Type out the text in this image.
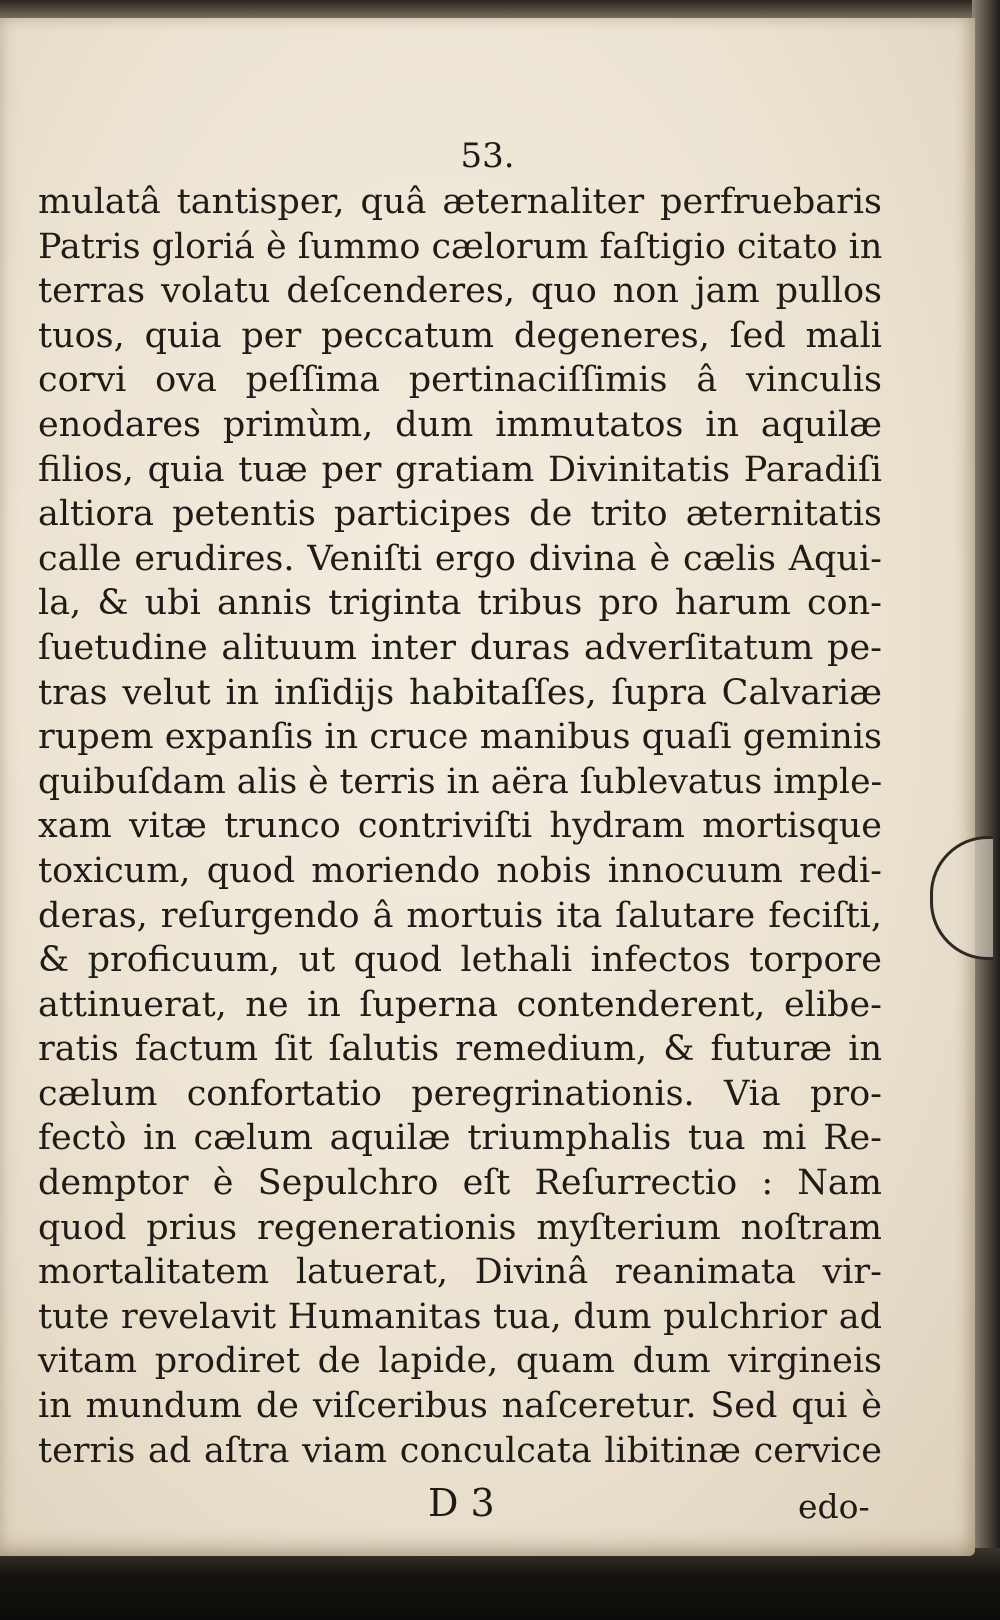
53.
mulatâ tantisper, quâ æternaliter perfruebaris
Patris gloriá è ſummo cælorum faſtigio citato in
terras volatu deſcenderes, quo non jam pullos
tuos, quia per peccatum degeneres, ſed mali
corvi ova peſſima pertinaciſſimis â vinculis
enodares primùm, dum immutatos in aquilæ
filios, quia tuæ per gratiam Divinitatis Paradiſi
altiora petentis participes de trito æternitatis
calle erudires. Veniſti ergo divina è cælis Aqui-
la, & ubi annis triginta tribus pro harum con-
ſuetudine alituum inter duras adverſitatum pe-
tras velut in inſidijs habitaſſes, ſupra Calvariæ
rupem expanſis in cruce manibus quaſi geminis
quibuſdam alis è terris in aëra ſublevatus imple-
xam vitæ trunco contriviſti hydram mortisque
toxicum, quod moriendo nobis innocuum redi-
deras, reſurgendo â mortuis ita ſalutare feciſti,
& proficuum, ut quod lethali infectos torpore
attinuerat, ne in ſuperna contenderent, elibe-
ratis factum ſit ſalutis remedium, & futuræ in
cælum confortatio peregrinationis. Via pro-
fectò in cælum aquilæ triumphalis tua mi Re-
demptor è Sepulchro eſt Reſurrectio : Nam
quod prius regenerationis myſterium noſtram
mortalitatem latuerat, Divinâ reanimata vir-
tute revelavit Humanitas tua, dum pulchrior ad
vitam prodiret de lapide, quam dum virgineis
in mundum de viſceribus naſceretur. Sed qui è
terris ad aſtra viam conculcata libitinæ cervice
D 3	edo-
